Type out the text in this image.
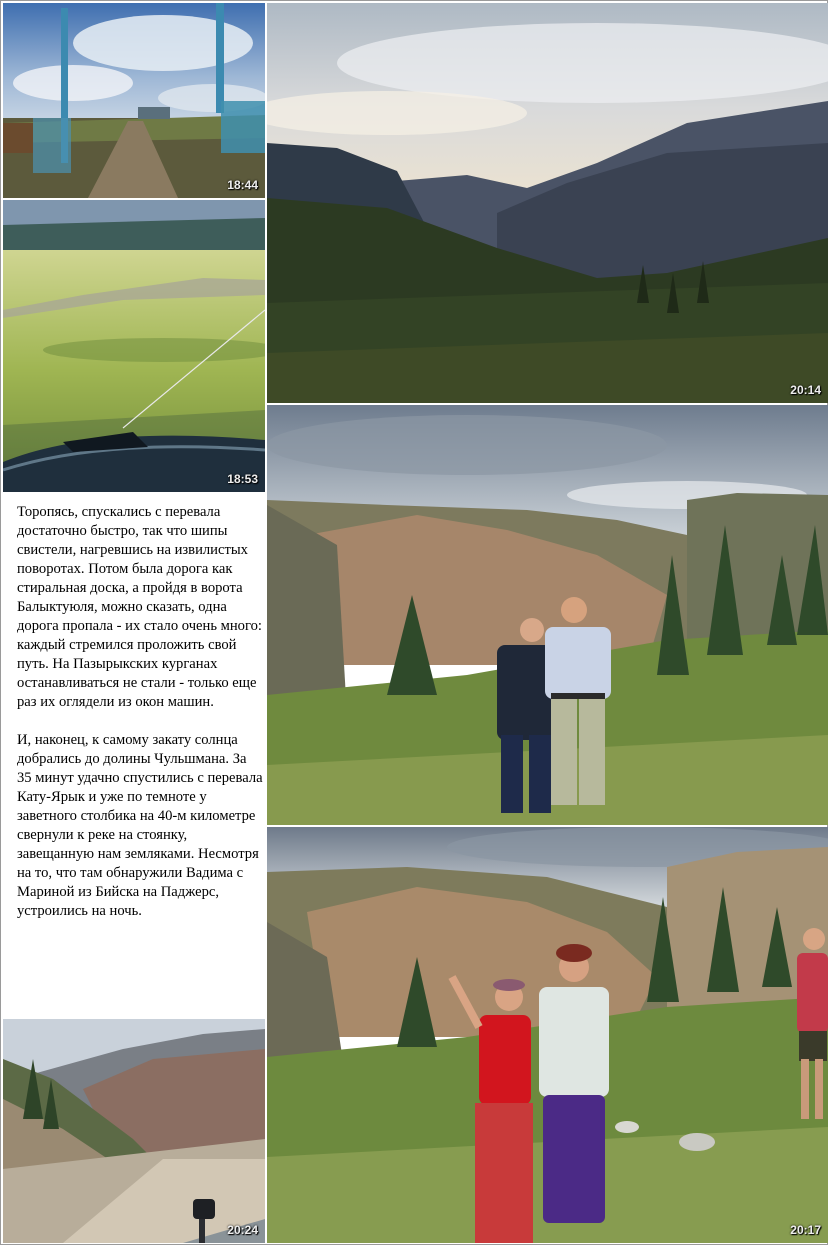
18:44
18:53
20:14

Торопясь, спускались с перевала достаточно быстро, так что шипы свистели, нагревшись на извилистых поворотах. Потом была дорога как стиральная доска, а пройдя в ворота Балыктуюля, можно сказать, одна дорога пропала - их стало очень много: каждый стремился проложить свой путь. На Пазырыкских курганах останавливаться не стали - только еще раз их оглядели из окон машин.

И, наконец, к самому закату солнца добрались до долины Чульшмана. За 35 минут удачно спустились с перевала Кату-Ярык и уже по темноте у заветного столбика на 40-м километре свернули к реке на стоянку, завещанную нам земляками. Несмотря на то, что там обнаружили Вадима с Мариной из Бийска на Паджерс, устроились на ночь.

20:24	20:17
